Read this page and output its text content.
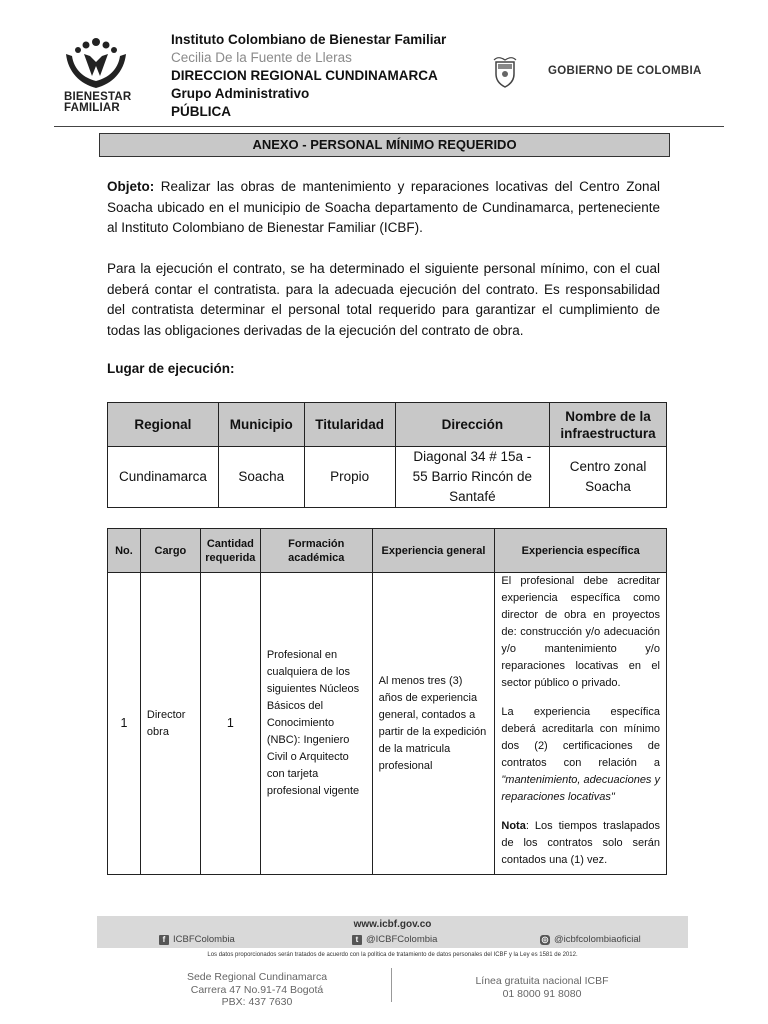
BIENESTAR
FAMILIAR
Instituto Colombiano de Bienestar Familiar
Cecilia De la Fuente de Lleras
DIRECCION REGIONAL CUNDINAMARCA
Grupo Administrativo
PÚBLICA
GOBIERNO DE COLOMBIA
ANEXO - PERSONAL MÍNIMO REQUERIDO
Objeto: Realizar las obras de mantenimiento y reparaciones locativas del Centro Zonal Soacha ubicado en el municipio de Soacha departamento de Cundinamarca, perteneciente al Instituto Colombiano de Bienestar Familiar (ICBF).
Para la ejecución el contrato, se ha determinado el siguiente personal mínimo, con el cual deberá contar el contratista. para la adecuada ejecución del contrato. Es responsabilidad del contratista determinar el personal total requerido para garantizar el cumplimiento de todas las obligaciones derivadas de la ejecución del contrato de obra.
Lugar de ejecución:
Regional	Municipio	Titularidad	Dirección	Nombre de la infraestructura
Cundinamarca	Soacha	Propio	Diagonal 34 # 15a - 55 Barrio Rincón de Santafé	Centro zonal Soacha
No.	Cargo	Cantidad requerida	Formación académica	Experiencia general	Experiencia específica
1	Director obra	1	Profesional en cualquiera de los siguientes Núcleos Básicos del Conocimiento (NBC): Ingeniero Civil o Arquitecto con tarjeta profesional vigente	Al menos tres (3) años de experiencia general, contados a partir de la expedición de la matricula profesional	El profesional debe acreditar experiencia específica como director de obra en proyectos de: construcción y/o adecuación y/o mantenimiento y/o reparaciones locativas en el sector público o privado.

La experiencia específica deberá acreditarla con mínimo dos (2) certificaciones de contratos con relación a "mantenimiento, adecuaciones y reparaciones locativas"

Nota: Los tiempos traslapados de los contratos solo serán contados una (1) vez.

www.icbf.gov.co
f ICBFColombia	t @ICBFColombia	◎ @icbfcolombiaoficial
Los datos proporcionados serán tratados de acuerdo con la política de tratamiento de datos personales del ICBF y la Ley es 1581 de 2012.
Sede Regional Cundinamarca
Carrera 47 No.91-74 Bogotá
PBX: 437 7630
Línea gratuita nacional ICBF
01 8000 91 8080
